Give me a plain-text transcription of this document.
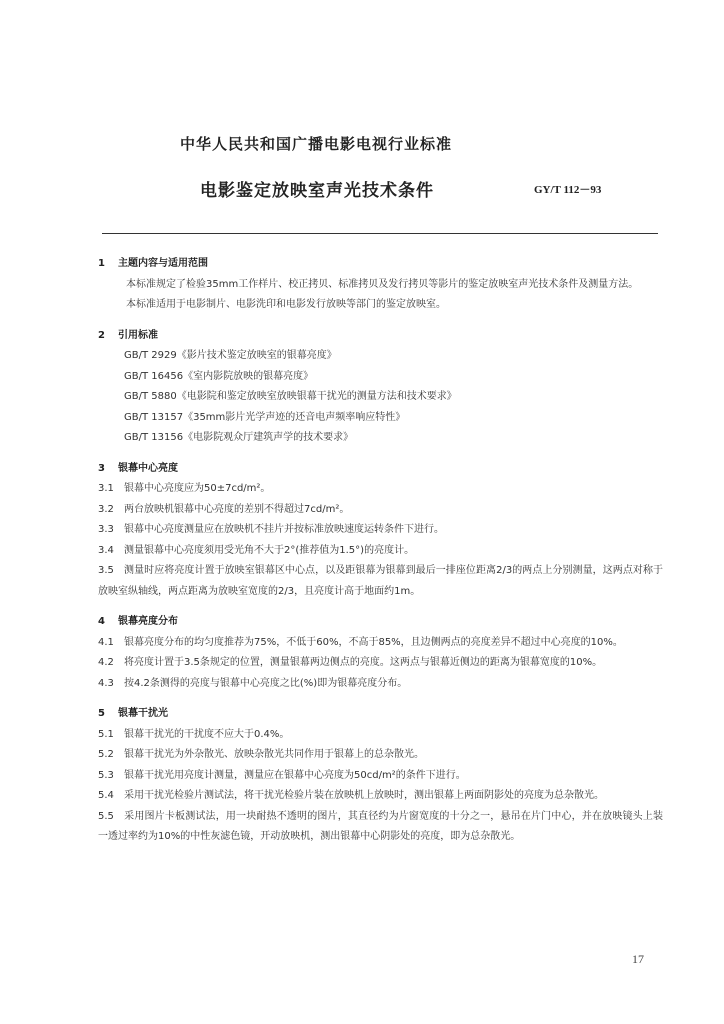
中华人民共和国广播电影电视行业标准
电影鉴定放映室声光技术条件	GY/T 112－93

1 主题内容与适用范围

本标准规定了检验35mm工作样片、校正拷贝、标准拷贝及发行拷贝等影片的鉴定放映室声光技术条件及测量方法。

本标准适用于电影制片、电影洗印和电影发行放映等部门的鉴定放映室。

2 引用标准

GB/T 2929《影片技术鉴定放映室的银幕亮度》

GB/T 16456《室内影院放映的银幕亮度》

GB/T 5880《电影院和鉴定放映室放映银幕干扰光的测量方法和技术要求》

GB/T 13157《35mm影片光学声迹的还音电声频率响应特性》

GB/T 13156《电影院观众厅建筑声学的技术要求》

3 银幕中心亮度

3.1 银幕中心亮度应为50±7cd/m²。

3.2 两台放映机银幕中心亮度的差别不得超过7cd/m²。

3.3 银幕中心亮度测量应在放映机不挂片并按标准放映速度运转条件下进行。

3.4 测量银幕中心亮度须用受光角不大于2°(推荐值为1.5°)的亮度计。

3.5 测量时应将亮度计置于放映室银幕区中心点，以及距银幕为银幕到最后一排座位距离2/3的两点上分别测量，这两点对称于放映室纵轴线，两点距离为放映室宽度的2/3，且亮度计高于地面约1m。

4 银幕亮度分布

4.1 银幕亮度分布的均匀度推荐为75%，不低于60%，不高于85%，且边侧两点的亮度差异不超过中心亮度的10%。

4.2 将亮度计置于3.5条规定的位置，测量银幕两边侧点的亮度。这两点与银幕近侧边的距离为银幕宽度的10%。

4.3 按4.2条测得的亮度与银幕中心亮度之比(%)即为银幕亮度分布。

5 银幕干扰光

5.1 银幕干扰光的干扰度不应大于0.4%。

5.2 银幕干扰光为外杂散光、放映杂散光共同作用于银幕上的总杂散光。

5.3 银幕干扰光用亮度计测量，测量应在银幕中心亮度为50cd/m²的条件下进行。

5.4 采用干扰光检验片测试法，将干扰光检验片装在放映机上放映时，测出银幕上两面阴影处的亮度为总杂散光。

5.5 采用图片卡板测试法，用一块耐热不透明的图片，其直径约为片窗宽度的十分之一，悬吊在片门中心，并在放映镜头上装一透过率约为10%的中性灰滤色镜，开动放映机，测出银幕中心阴影处的亮度，即为总杂散光。

17
